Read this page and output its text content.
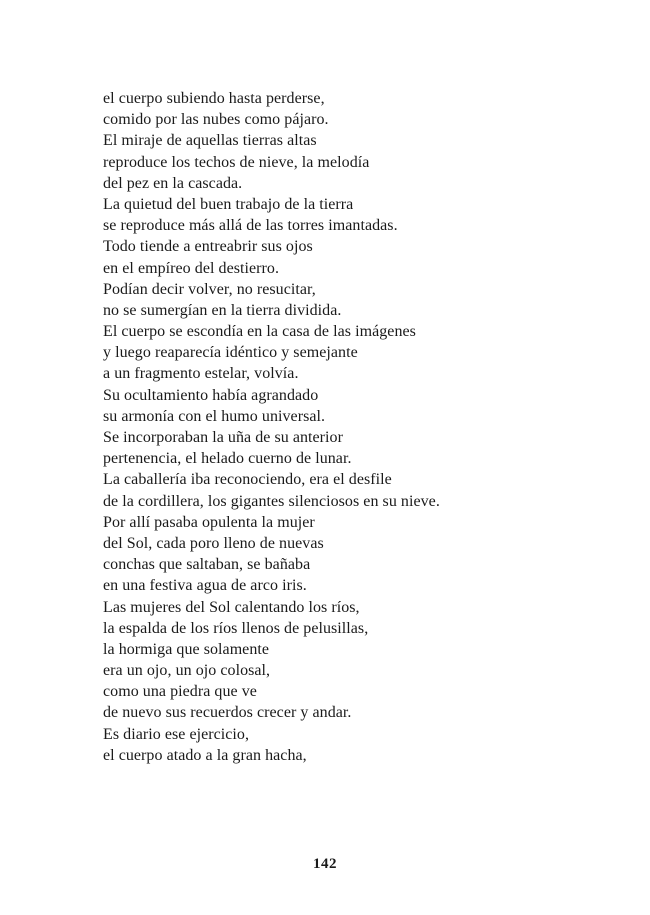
el cuerpo subiendo hasta perderse,
comido por las nubes como pájaro.
El miraje de aquellas tierras altas
reproduce los techos de nieve, la melodía
del pez en la cascada.
La quietud del buen trabajo de la tierra
se reproduce más allá de las torres imantadas.
Todo tiende a entreabrir sus ojos
en el empíreo del destierro.
Podían decir volver, no resucitar,
no se sumergían en la tierra dividida.
El cuerpo se escondía en la casa de las imágenes
y luego reaparecía idéntico y semejante
a un fragmento estelar, volvía.
Su ocultamiento había agrandado
su armonía con el humo universal.
Se incorporaban la uña de su anterior
pertenencia, el helado cuerno de lunar.
La caballería iba reconociendo, era el desfile
de la cordillera, los gigantes silenciosos en su nieve.
Por allí pasaba opulenta la mujer
del Sol, cada poro lleno de nuevas
conchas que saltaban, se bañaba
en una festiva agua de arco iris.
Las mujeres del Sol calentando los ríos,
la espalda de los ríos llenos de pelusillas,
la hormiga que solamente
era un ojo, un ojo colosal,
como una piedra que ve
de nuevo sus recuerdos crecer y andar.
Es diario ese ejercicio,
el cuerpo atado a la gran hacha,
142
